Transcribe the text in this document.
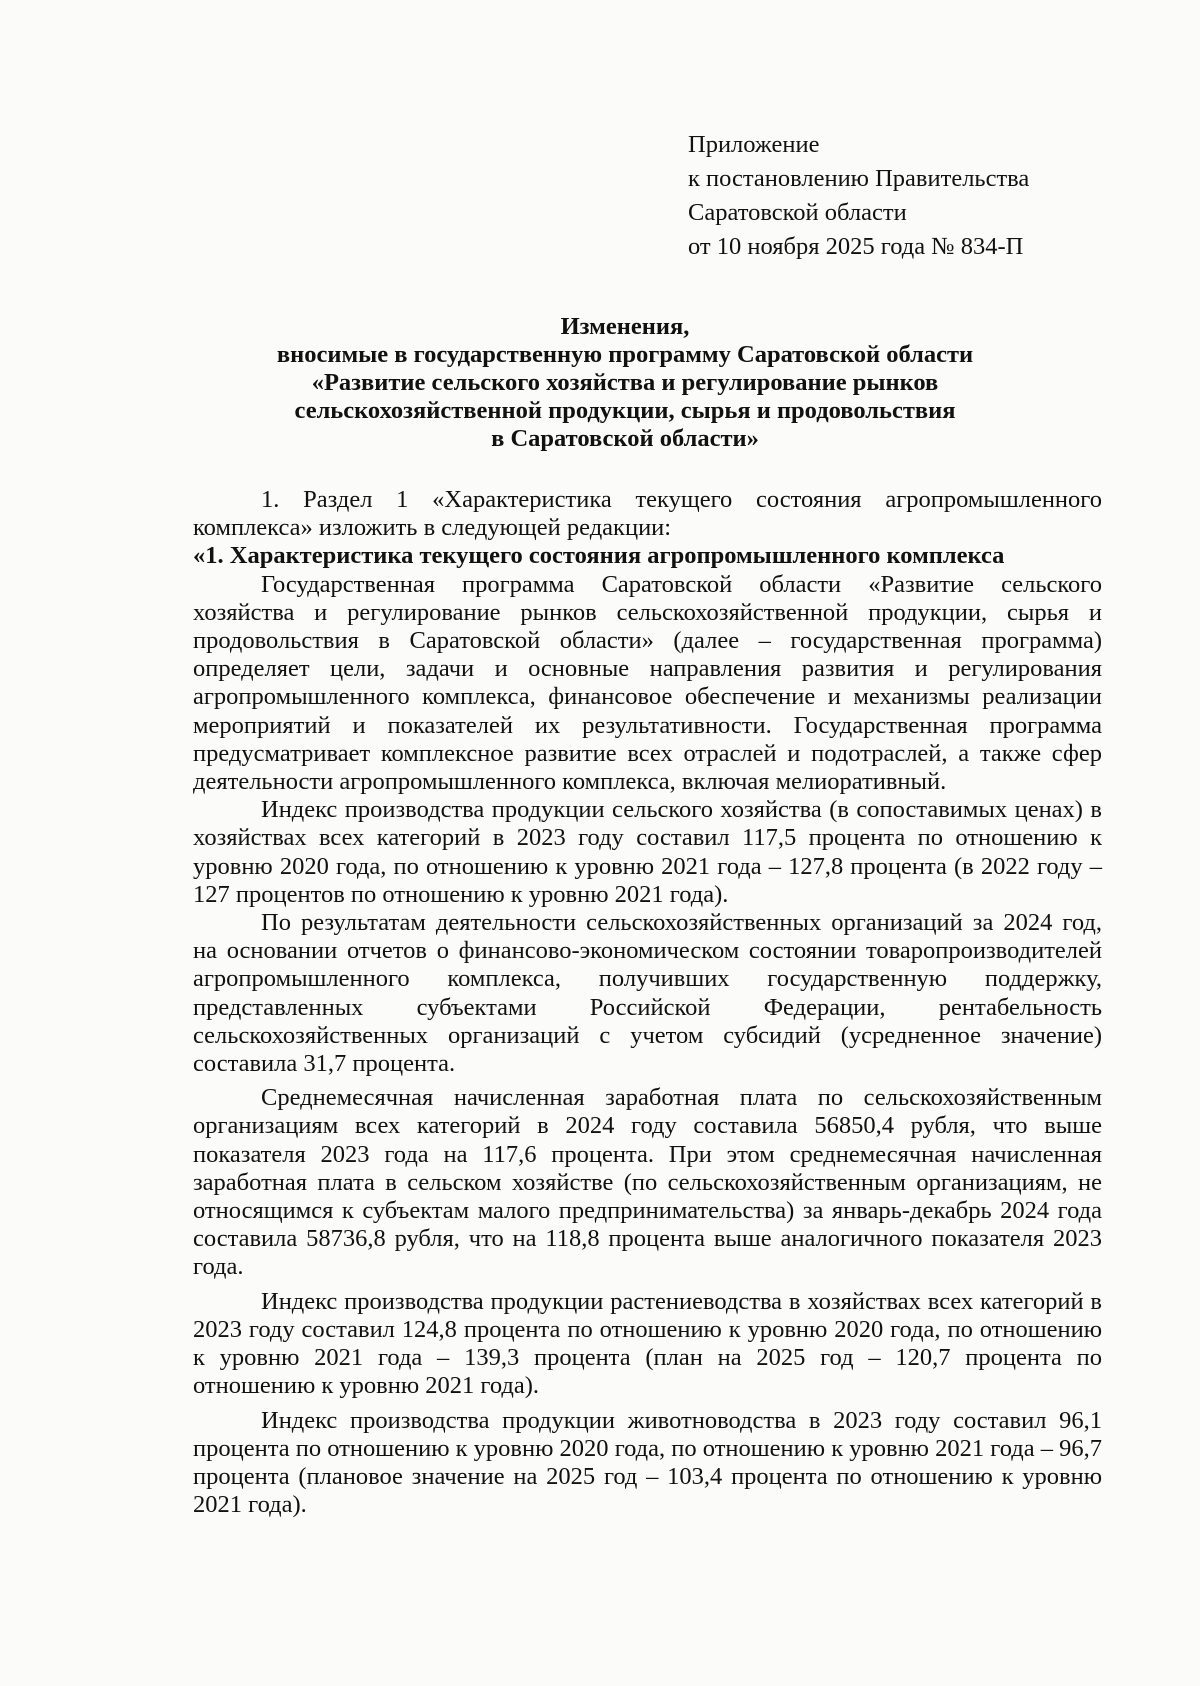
Приложение
к постановлению Правительства
Саратовской области
от 10 ноября 2025 года № 834-П
Изменения,
вносимые в государственную программу Саратовской области
«Развитие сельского хозяйства и регулирование рынков
сельскохозяйственной продукции, сырья и продовольствия
в Саратовской области»

1. Раздел 1 «Характеристика текущего состояния агропромышленного комплекса» изложить в следующей редакции:

«1. Характеристика текущего состояния агропромышленного комплекса

Государственная программа Саратовской области «Развитие сельского хозяйства и регулирование рынков сельскохозяйственной продукции, сырья и продовольствия в Саратовской области» (далее – государственная программа) определяет цели, задачи и основные направления развития и регулирования агропромышленного комплекса, финансовое обеспечение и механизмы реализации мероприятий и показателей их результативности. Государственная программа предусматривает комплексное развитие всех отраслей и подотраслей, а также сфер деятельности агропромышленного комплекса, включая мелиоративный.

Индекс производства продукции сельского хозяйства (в сопоставимых ценах) в хозяйствах всех категорий в 2023 году составил 117,5 процента по отношению к уровню 2020 года, по отношению к уровню 2021 года – 127,8 процента (в 2022 году – 127 процентов по отношению к уровню 2021 года).

По результатам деятельности сельскохозяйственных организаций за 2024 год, на основании отчетов о финансово-экономическом состоянии товаропроизводителей агропромышленного комплекса, получивших государственную поддержку, представленных субъектами Российской Федерации, рентабельность сельскохозяйственных организаций с учетом субсидий (усредненное значение) составила 31,7 процента.

Среднемесячная начисленная заработная плата по сельскохозяйственным организациям всех категорий в 2024 году составила 56850,4 рубля, что выше показателя 2023 года на 117,6 процента. При этом среднемесячная начисленная заработная плата в сельском хозяйстве (по сельскохозяйственным организациям, не относящимся к субъектам малого предпринимательства) за январь-декабрь 2024 года составила 58736,8 рубля, что на 118,8 процента выше аналогичного показателя 2023 года.

Индекс производства продукции растениеводства в хозяйствах всех категорий в 2023 году составил 124,8 процента по отношению к уровню 2020 года, по отношению к уровню 2021 года – 139,3 процента (план на 2025 год – 120,7 процента по отношению к уровню 2021 года).

Индекс производства продукции животноводства в 2023 году составил 96,1 процента по отношению к уровню 2020 года, по отношению к уровню 2021 года – 96,7 процента (плановое значение на 2025 год – 103,4 процента по отношению к уровню 2021 года).
